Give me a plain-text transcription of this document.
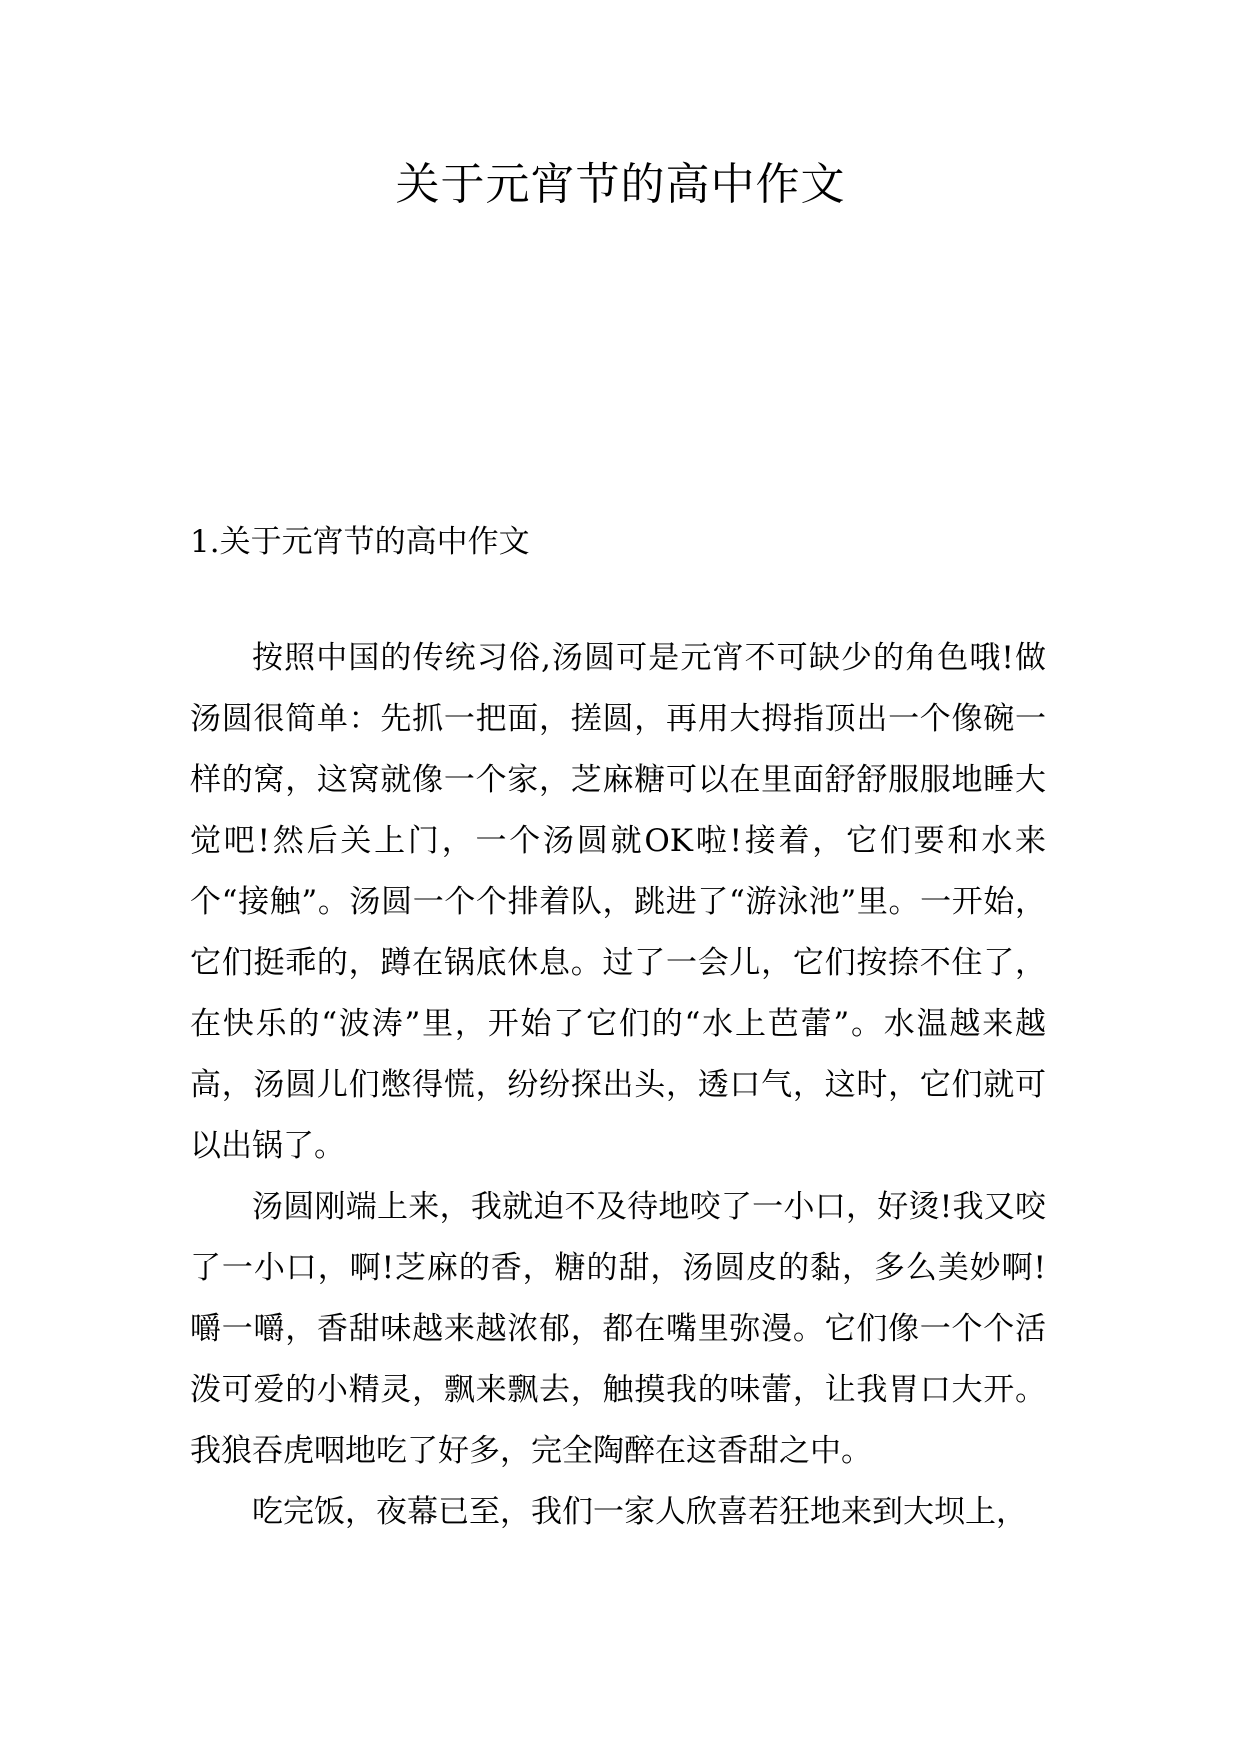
关于元宵节的高中作文
1.关于元宵节的高中作文

按照中国的传统习俗,汤圆可是元宵不可缺少的角色哦!做汤圆很简单：先抓一把面，搓圆，再用大拇指顶出一个像碗一样的窝，这窝就像一个家，芝麻糖可以在里面舒舒服服地睡大觉吧!然后关上门，一个汤圆就OK啦!接着，它们要和水来个“接触”。汤圆一个个排着队，跳进了“游泳池”里。一开始，它们挺乖的，蹲在锅底休息。过了一会儿，它们按捺不住了，在快乐的“波涛”里，开始了它们的“水上芭蕾”。水温越来越高，汤圆儿们憋得慌，纷纷探出头，透口气，这时，它们就可以出锅了。

汤圆刚端上来，我就迫不及待地咬了一小口，好烫!我又咬了一小口，啊!芝麻的香，糖的甜，汤圆皮的黏，多么美妙啊!嚼一嚼，香甜味越来越浓郁，都在嘴里弥漫。它们像一个个活泼可爱的小精灵，飘来飘去，触摸我的味蕾，让我胃口大开。我狼吞虎咽地吃了好多，完全陶醉在这香甜之中。

吃完饭，夜幕已至，我们一家人欣喜若狂地来到大坝上，
